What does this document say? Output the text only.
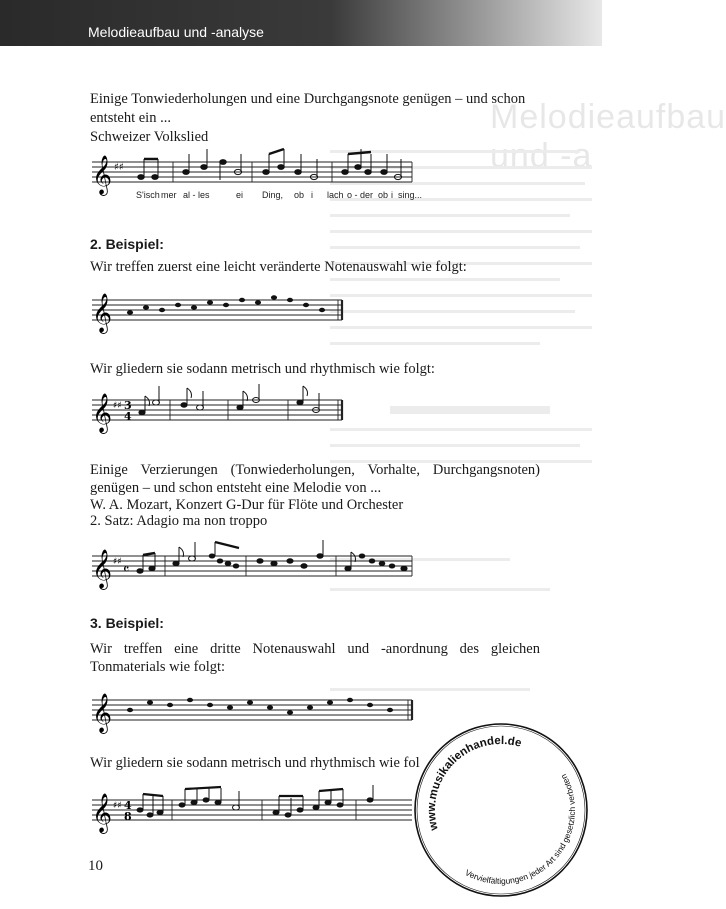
Melodieaufbau und -analyse
Melodieaufbau und -a
Einige Tonwiederholungen und eine Durchgangsnote genügen – und schon entsteht ein ...
Schweizer Volkslied
𝄞 ♯♯
S'isch mer al - les	ei Ding, ob i lach o - der ob i sing...
2. Beispiel:
Wir treffen zuerst eine leicht veränderte Notenauswahl wie folgt:
𝄞
Wir gliedern sie sodann metrisch und rhythmisch wie folgt:
𝄞 ♯♯ 3
4
Einige Verzierungen (Tonwiederholungen, Vorhalte, Durchgangsnoten)
genügen – und schon entsteht eine Melodie von ...
W. A. Mozart, Konzert G-Dur für Flöte und Orchester
2. Satz: Adagio ma non troppo
𝄞 ♯♯ 𝄴
3. Beispiel:
Wir treffen eine dritte Notenauswahl und -anordnung des gleichen
Tonmaterials wie folgt:
𝄞
Wir gliedern sie sodann metrisch und rhythmisch wie fol
𝄞 ♯♯ 4
8
10
www.musikalienhandel.de
Vervielfältigungen jeder Art sind gesetzlich verboten
